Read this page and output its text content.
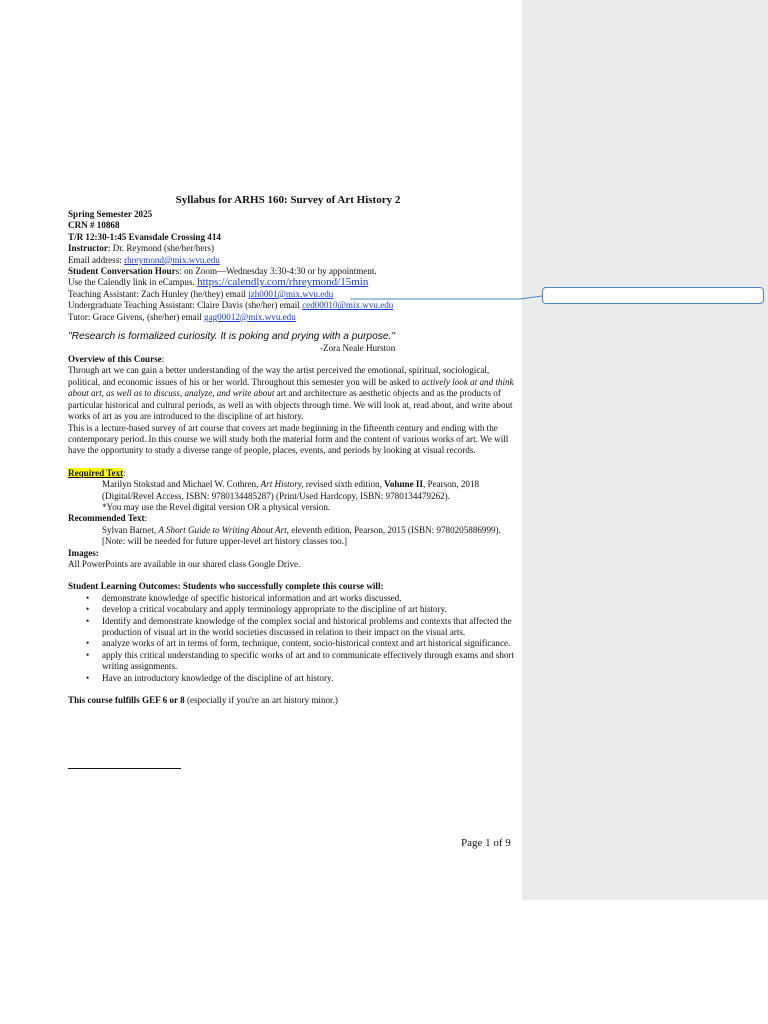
Syllabus for ARHS 160: Survey of Art History 2
Spring Semester 2025
CRN # 10868
T/R 12:30-1:45 Evansdale Crossing 414
Instructor: Dr. Reymond (she/her/hers)
Email address: rhreymond@mix.wvu.edu
Student Conversation Hours: on Zoom—Wednesday 3:30-4:30 or by appointment.
Use the Calendly link in eCampus. https://calendly.com/rhreymond/15min
Teaching Assistant: Zach Hunley (he/they) email jzh0001@mix.wvu.edu
Undergraduate Teaching Assistant: Claire Davis (she/her) email ced00010@mix.wvu.edu
Tutor: Grace Givens, (she/her) email gag00012@mix.wvu.edu
"Research is formalized curiosity. It is poking and prying with a purpose."
-Zora Neale Hurston
Overview of this Course:
Through art we can gain a better understanding of the way the artist perceived the emotional, spiritual, sociological, political, and economic issues of his or her world. Throughout this semester you will be asked to actively look at and think about art, as well as to discuss, analyze, and write about art and architecture as aesthetic objects and as the products of particular historical and cultural periods, as well as with objects through time. We will look at, read about, and write about works of art as you are introduced to the discipline of art history.
This is a lecture-based survey of art course that covers art made beginning in the fifteenth century and ending with the contemporary period. In this course we will study both the material form and the content of various works of art. We will have the opportunity to study a diverse range of people, places, events, and periods by looking at visual records.
Required Text:
Marilyn Stokstad and Michael W. Cothren, Art History, revised sixth edition, Volume II, Pearson, 2018 (Digital/Revel Access, ISBN: 9780134485287) (Print/Used Hardcopy, ISBN: 9780134479262).
*You may use the Revel digital version OR a physical version.
Recommended Text:
Sylvan Barnet, A Short Guide to Writing About Art, eleventh edition, Pearson, 2015 (ISBN: 9780205886999). [Note: will be needed for future upper-level art history classes too.]
Images:
All PowerPoints are available in our shared class Google Drive.
Student Learning Outcomes: Students who successfully complete this course will:
• demonstrate knowledge of specific historical information and art works discussed.
• develop a critical vocabulary and apply terminology appropriate to the discipline of art history.
• Identify and demonstrate knowledge of the complex social and historical problems and contexts that affected the production of visual art in the world societies discussed in relation to their impact on the visual arts.
• analyze works of art in terms of form, technique, content, socio-historical context and art historical significance.
• apply this critical understanding to specific works of art and to communicate effectively through exams and short writing assignments.
• Have an introductory knowledge of the discipline of art history.
This course fulfills GEF 6 or 8 (especially if you're an art history minor.)
Page 1 of 9
